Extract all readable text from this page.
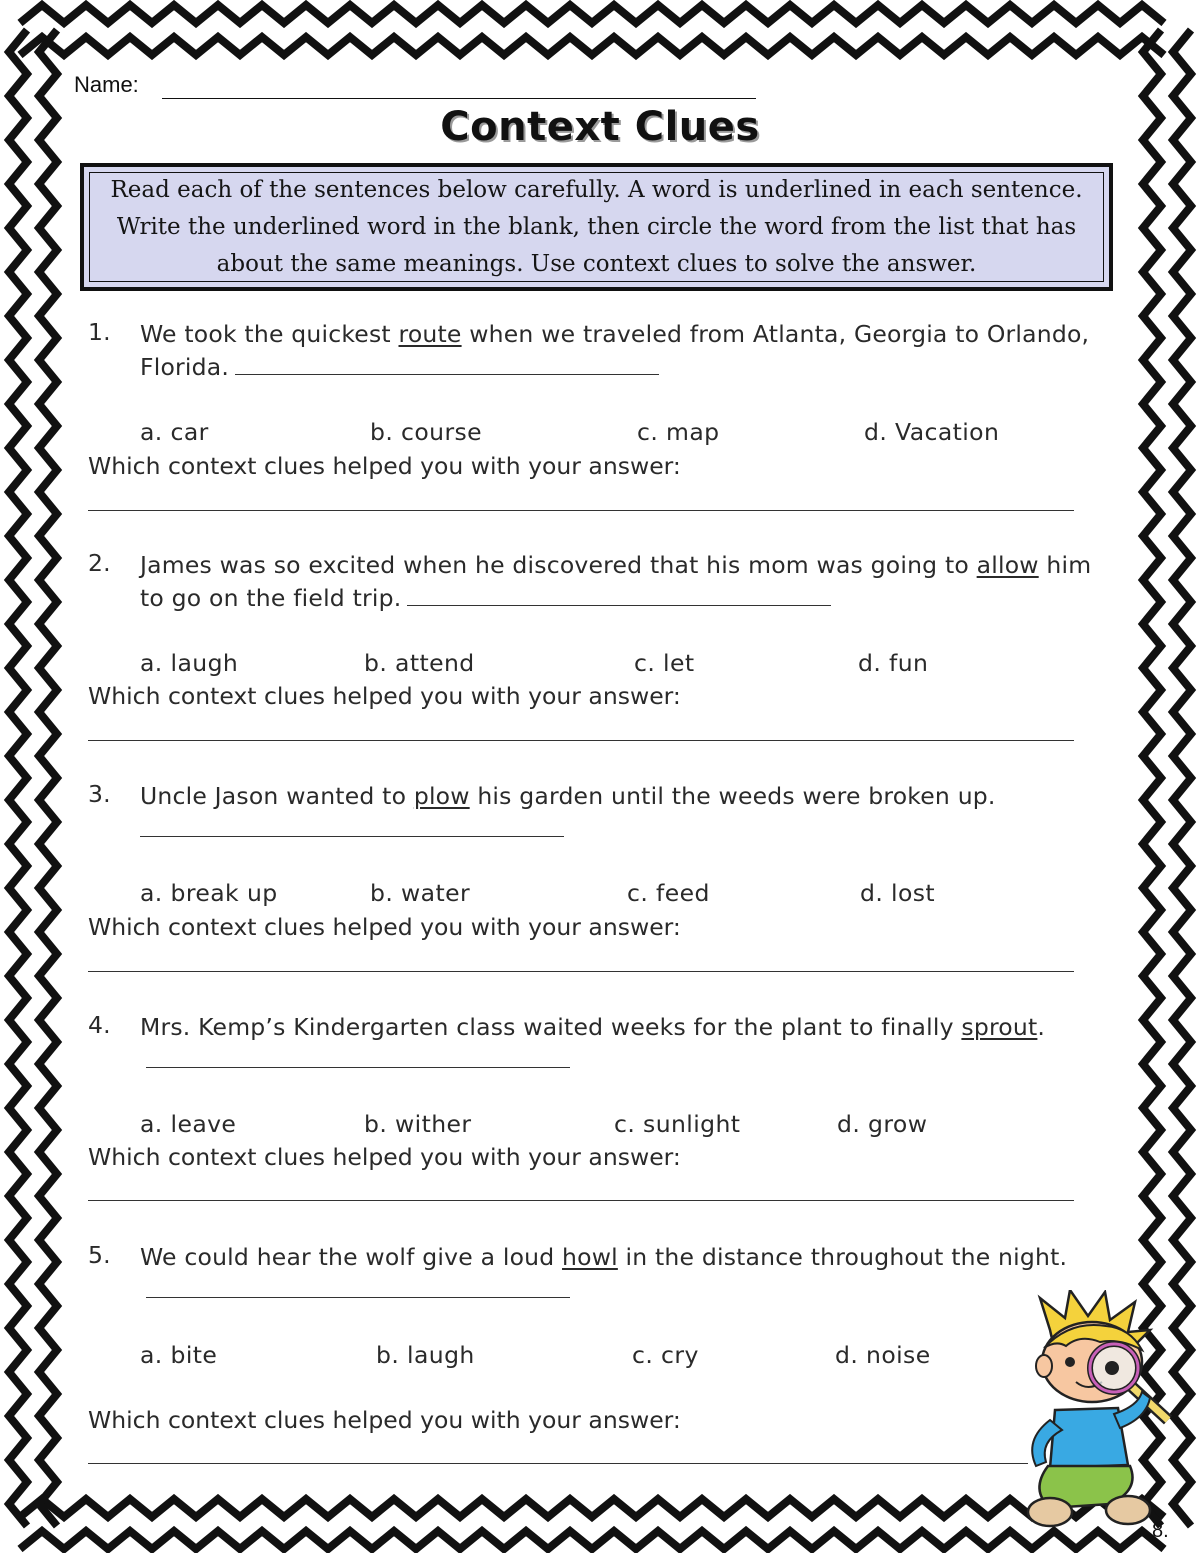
Name:
Context Clues

Read each of the sentences below carefully. A word is underlined in each sentence. Write the underlined word in the blank, then circle the word from the list that has about the same meanings. Use context clues to solve the answer.

1. We took the quickest route when we traveled from Atlanta, Georgia to Orlando, Florida.
a. car	b. course	c. map	d. Vacation
Which context clues helped you with your answer:
2. James was so excited when he discovered that his mom was going to allow him to go on the field trip.
a. laugh	b. attend	c. let	d. fun
Which context clues helped you with your answer:
3. Uncle Jason wanted to plow his garden until the weeds were broken up.

a. break up	b. water	c. feed	d. lost
Which context clues helped you with your answer:
4. Mrs. Kemp’s Kindergarten class waited weeks for the plant to finally sprout.
a. leave	b. wither	c. sunlight	d. grow
Which context clues helped you with your answer:
5. We could hear the wolf give a loud howl in the distance throughout the night.
a. bite	b. laugh	c. cry	d. noise
Which context clues helped you with your answer:
8.
